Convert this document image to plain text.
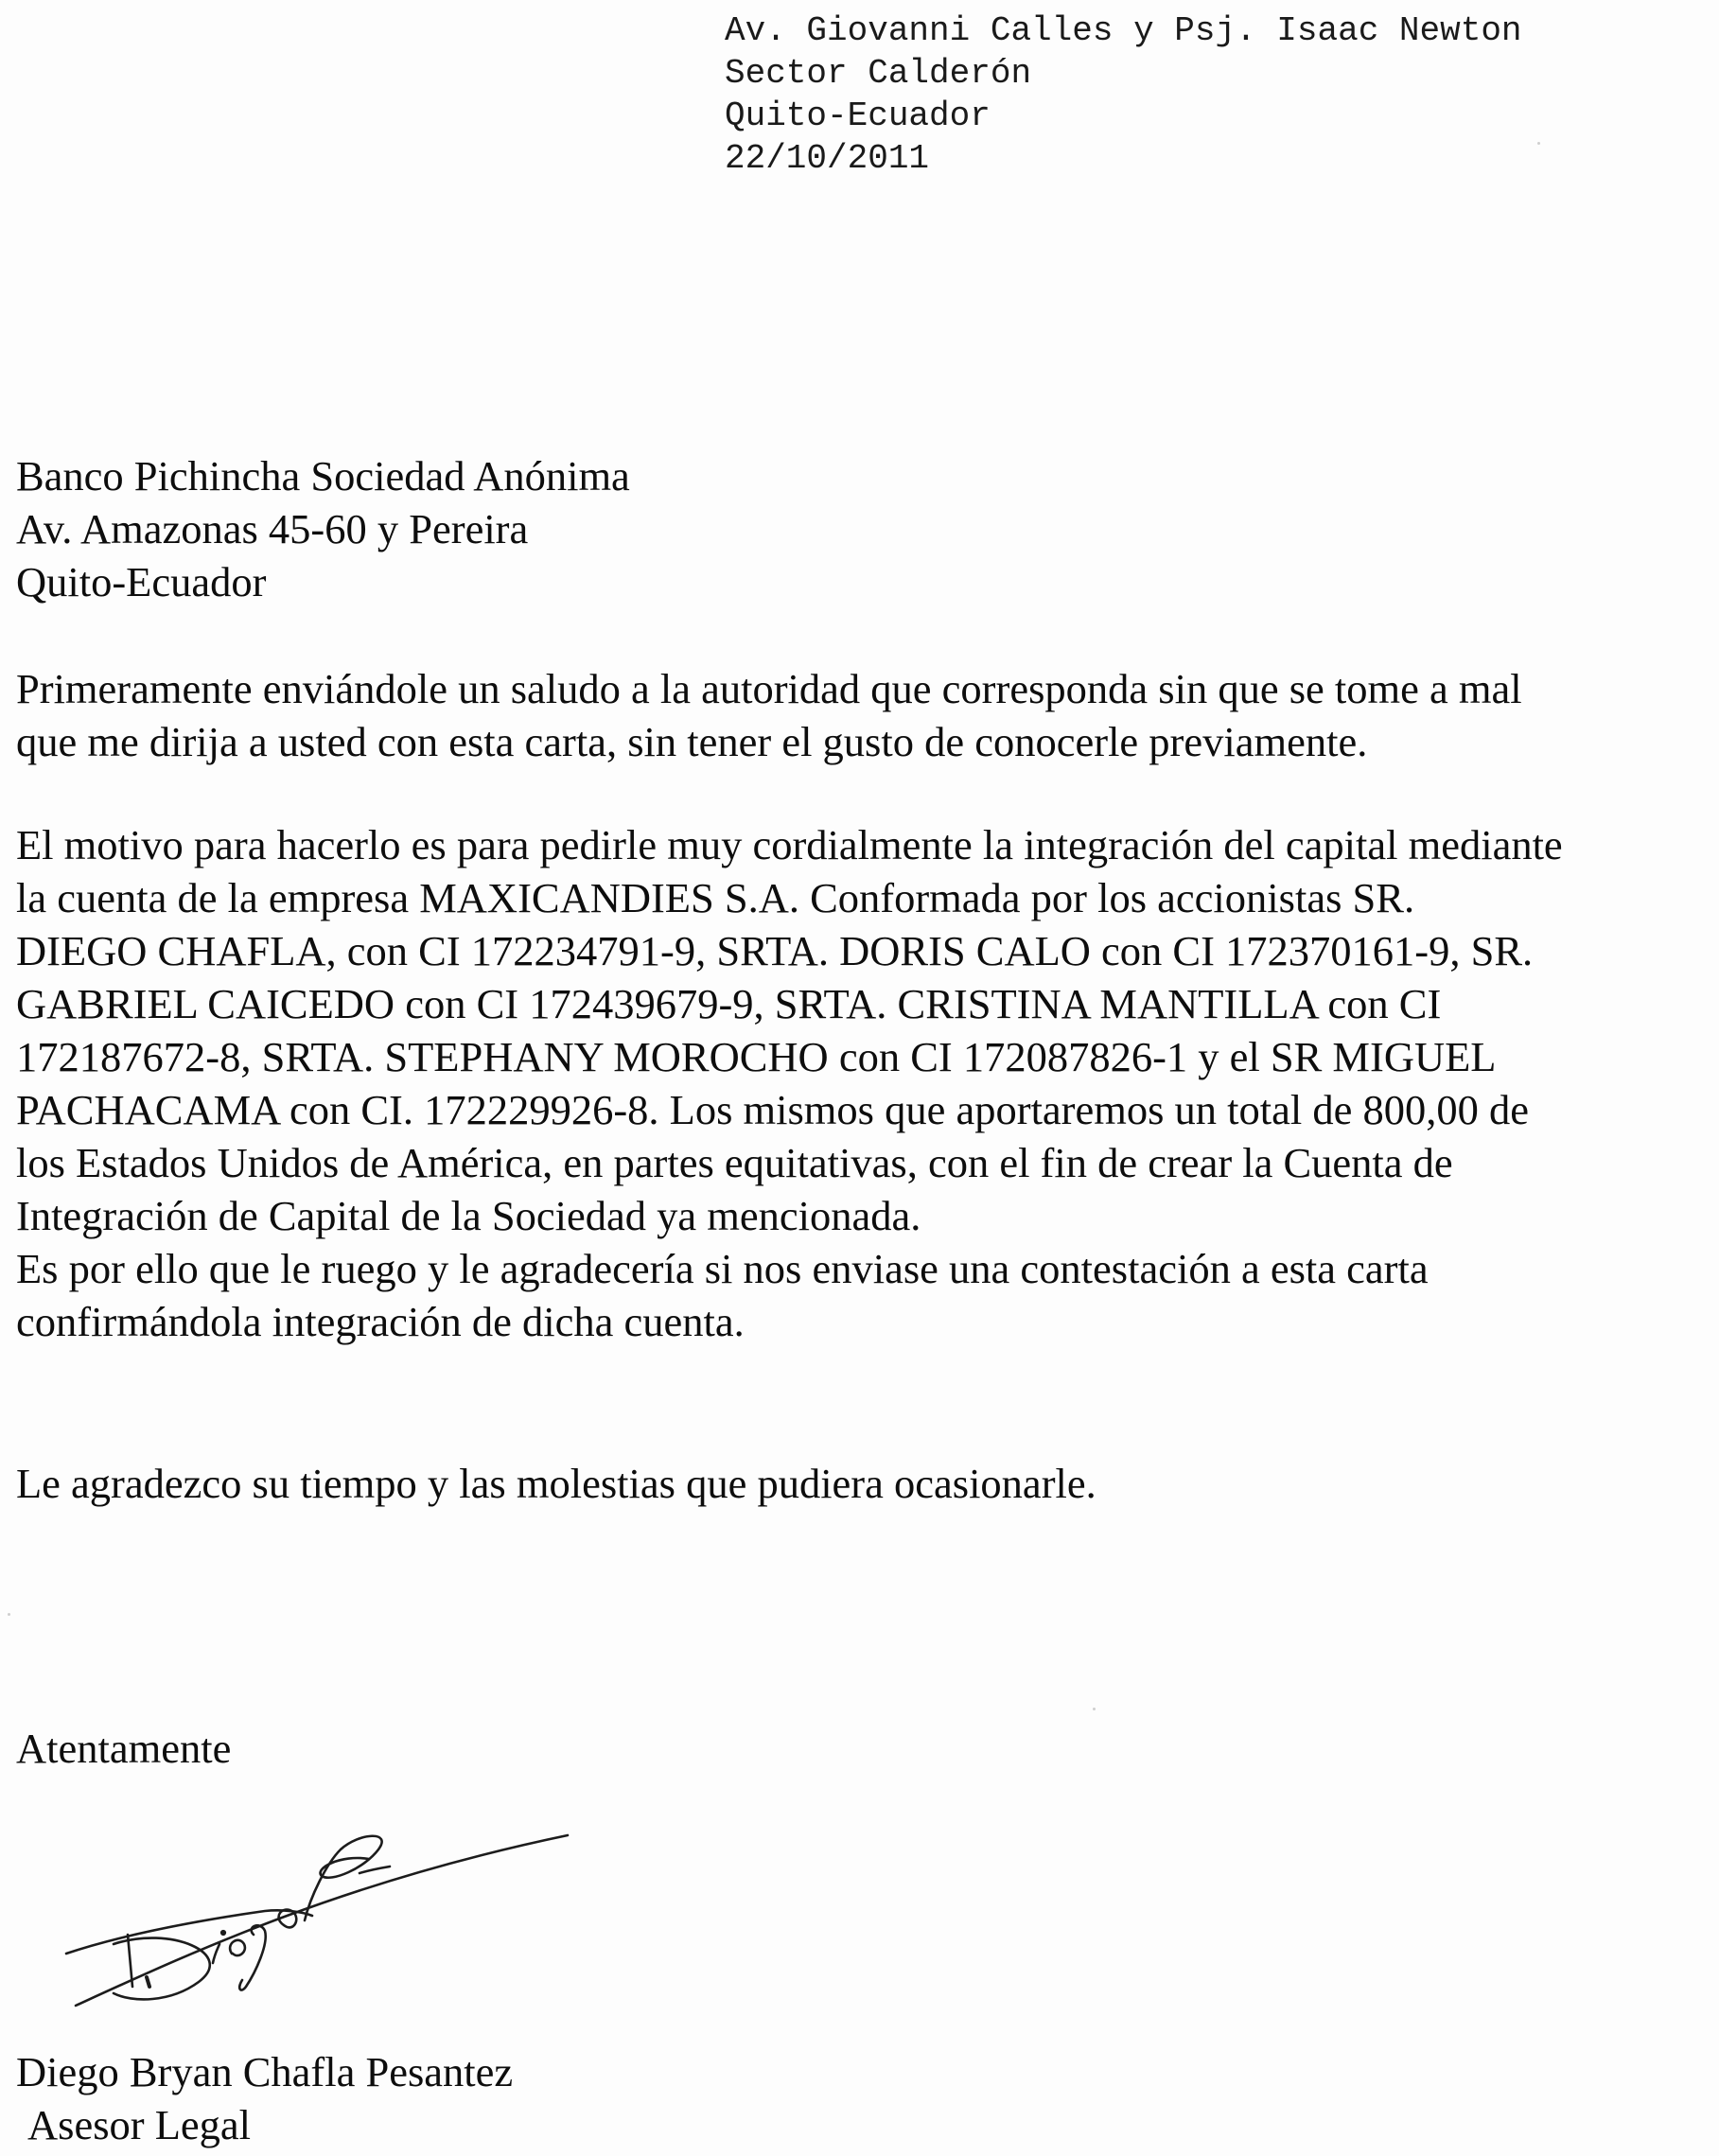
Av. Giovanni Calles y Psj. Isaac Newton
Sector Calderón
Quito-Ecuador
22/10/2011
Banco Pichincha Sociedad Anónima
Av. Amazonas 45-60 y Pereira
Quito-Ecuador
Primeramente enviándole un saludo a la autoridad que corresponda sin que se tome a mal
que me dirija a usted con esta carta, sin tener el gusto de conocerle previamente.
El motivo para hacerlo es para pedirle muy cordialmente la integración del capital mediante
la cuenta de la empresa MAXICANDIES S.A. Conformada por los accionistas SR.
DIEGO CHAFLA, con CI 172234791-9, SRTA. DORIS CALO con CI 172370161-9, SR.
GABRIEL CAICEDO con CI 172439679-9, SRTA. CRISTINA MANTILLA con CI
172187672-8, SRTA. STEPHANY MOROCHO con CI 172087826-1 y el SR MIGUEL
PACHACAMA con CI. 172229926-8. Los mismos que aportaremos un total de 800,00 de
los Estados Unidos de América, en partes equitativas, con el fin de crear la Cuenta de
Integración de Capital de la Sociedad ya mencionada.
Es por ello que le ruego y le agradecería si nos enviase una contestación a esta carta
confirmándola integración de dicha cuenta.
Le agradezco su tiempo y las molestias que pudiera ocasionarle.
Atentamente
Diego Bryan Chafla Pesantez
Asesor Legal
